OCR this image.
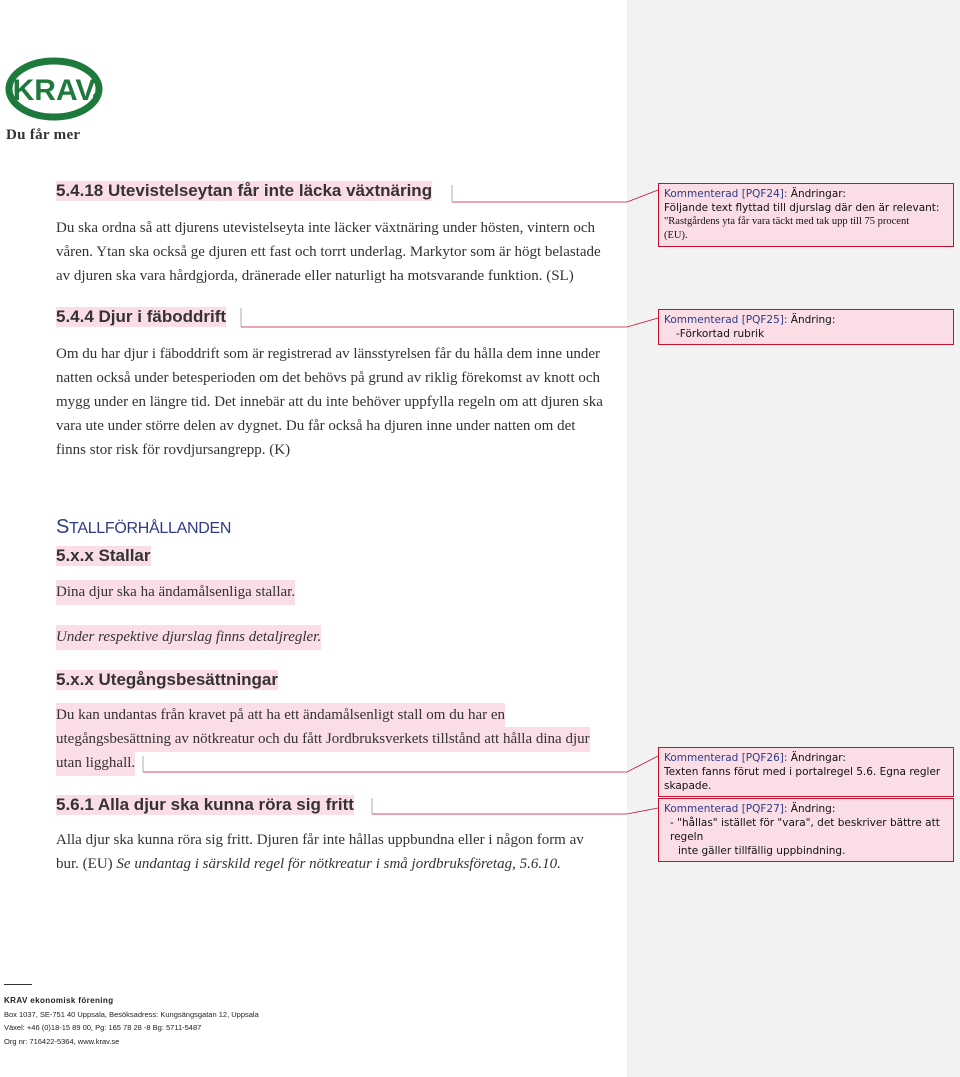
KRAV
Du får mer
5.4.18 Utevistelseytan får inte läcka växtnäring
Du ska ordna så att djurens utevistelseyta inte läcker växtnäring under hösten, vintern och
våren. Ytan ska också ge djuren ett fast och torrt underlag. Markytor som är högt belastade
av djuren ska vara hårdgjorda, dränerade eller naturligt ha motsvarande funktion. (SL)
5.4.4 Djur i fäboddrift
Om du har djur i fäboddrift som är registrerad av länsstyrelsen får du hålla dem inne under
natten också under betesperioden om det behövs på grund av riklig förekomst av knott och
mygg under en längre tid. Det innebär att du inte behöver uppfylla regeln om att djuren ska
vara ute under större delen av dygnet. Du får också ha djuren inne under natten om det
finns stor risk för rovdjursangrepp. (K)
STALLFÖRHÅLLANDEN
5.x.x Stallar
Dina djur ska ha ändamålsenliga stallar.
Under respektive djurslag finns detaljregler.
5.x.x Utegångsbesättningar
Du kan undantas från kravet på att ha ett ändamålsenligt stall om du har en
utegångsbesättning av nötkreatur och du fått Jordbruksverkets tillstånd att hålla dina djur
utan ligghall.
5.6.1 Alla djur ska kunna röra sig fritt
Alla djur ska kunna röra sig fritt. Djuren får inte hållas uppbundna eller i någon form av
bur. (EU) Se undantag i särskild regel för nötkreatur i små jordbruksföretag, 5.6.10.
Kommenterad [PQF24]: Ändringar:
Följande text flyttad till djurslag där den är relevant:
"Rastgårdens yta får vara täckt med tak upp till 75 procent
(EU).
Kommenterad [PQF25]: Ändring:
-Förkortad rubrik
Kommenterad [PQF26]: Ändringar:
Texten fanns förut med i portalregel 5.6. Egna regler
skapade.
Kommenterad [PQF27]: Ändring:
- "hållas" istället för "vara", det beskriver bättre att regeln
inte gäller tillfällig uppbindning.
KRAV ekonomisk förening
Box 1037, SE-751 40 Uppsala, Besöksadress: Kungsängsgatan 12, Uppsala
Växel: +46 (0)18-15 89 00, Pg: 165 78 28 -8 Bg: 5711-5487
Org nr: 716422-5364, www.krav.se
